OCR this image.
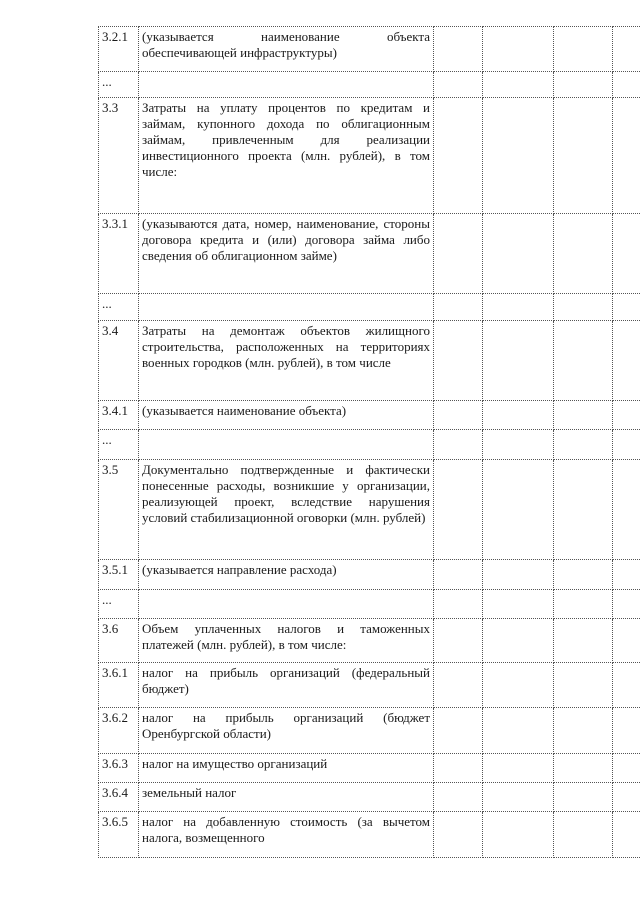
3.2.1	(указывается наименование объекта обеспечивающей инфраструктуры)				
...					
3.3	Затраты на уплату процентов по кредитам и займам, купонного дохода по облигационным займам, привлеченным для реализации инвестиционного проекта (млн. рублей), в том числе:				
3.3.1	(указываются дата, номер, наименование, стороны договора кредита и (или) договора займа либо сведения об облигационном займе)				
...					
3.4	Затраты на демонтаж объектов жилищного строительства, расположенных на территориях военных городков (млн. рублей), в том числе				
3.4.1	(указывается наименование объекта)				
...					
3.5	Документально подтвержденные и фактически понесенные расходы, возникшие у организации, реализующей проект, вследствие нарушения условий стабилизационной оговорки (млн. рублей)				
3.5.1	(указывается направление расхода)				
...					
3.6	Объем уплаченных налогов и таможенных платежей (млн. рублей), в том числе:				
3.6.1	налог на прибыль организаций (федеральный бюджет)				
3.6.2	налог на прибыль организаций (бюджет Оренбургской области)				
3.6.3	налог на имущество организаций				
3.6.4	земельный налог				
3.6.5	налог на добавленную стоимость (за вычетом налога, возмещенного				
